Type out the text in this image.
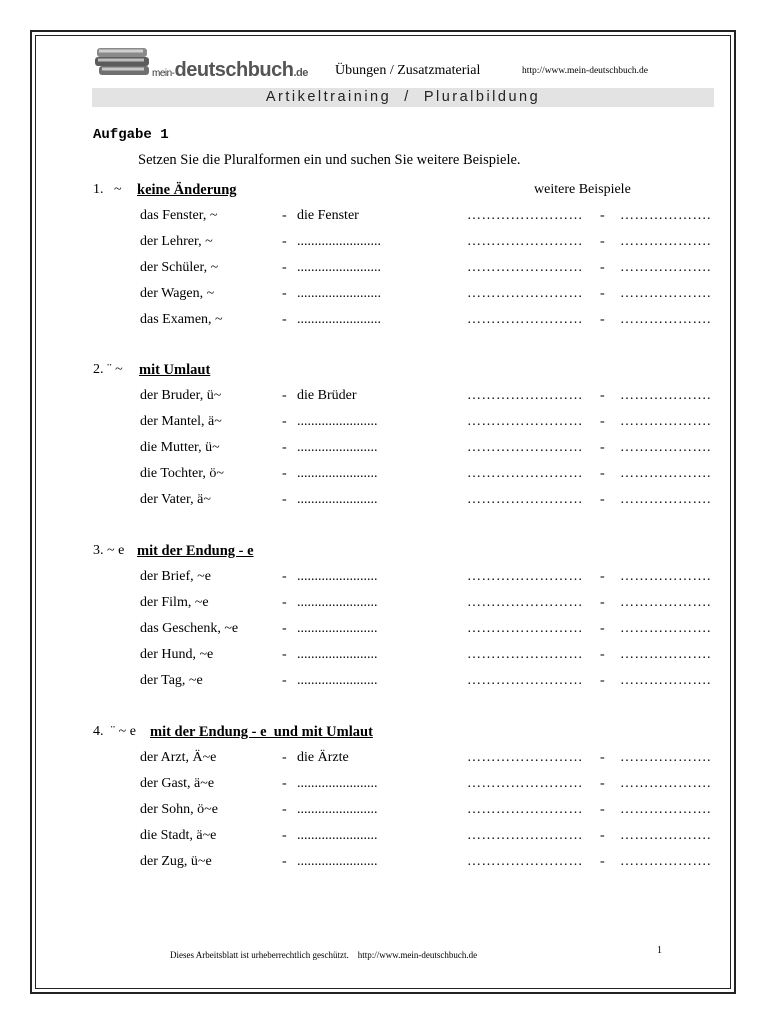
mein-deutschbuch.de Übungen / Zusatzmaterial	http://www.mein-deutschbuch.de
Artikeltraining  /  Pluralbildung
Aufgabe 1
Setzen Sie die Pluralformen ein und suchen Sie weitere Beispiele.
weitere Beispiele
1.   ~ keine Änderung
das Fenster, ~	- die Fenster	…………………… - ……………….
der Lehrer, ~	- ........................	…………………… - ……………….
der Schüler, ~	- ........................	…………………… - ……………….
der Wagen, ~	- ........................	…………………… - ……………….
das Examen, ~	- ........................	…………………… - ……………….
2. ¨ ~ mit Umlaut
der Bruder, ü~	- die Brüder	…………………… - ……………….
der Mantel, ä~	- .......................	…………………… - ……………….
die Mutter, ü~	- .......................	…………………… - ……………….
die Tochter, ö~	- .......................	…………………… - ……………….
der Vater, ä~	- .......................	…………………… - ……………….
3. ~ e mit der Endung - e
der Brief, ~e	- .......................	…………………… - ……………….
der Film, ~e	- .......................	…………………… - ……………….
das Geschenk, ~e	- .......................	…………………… - ……………….
der Hund, ~e	- .......................	…………………… - ……………….
der Tag, ~e	- .......................	…………………… - ……………….
4.  ¨ ~ e mit der Endung - e  und mit Umlaut
der Arzt, Ä~e	- die Ärzte	…………………… - ……………….
der Gast, ä~e	- .......................	…………………… - ……………….
der Sohn, ö~e	- .......................	…………………… - ……………….
die Stadt, ä~e	- .......................	…………………… - ……………….
der Zug, ü~e	- .......................	…………………… - ……………….
Dieses Arbeitsblatt ist urheberrechtlich geschützt.    http://www.mein-deutschbuch.de	1
